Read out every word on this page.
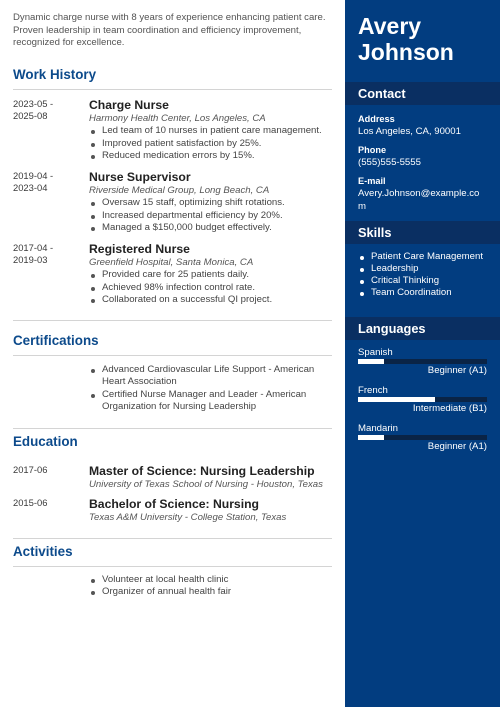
Dynamic charge nurse with 8 years of experience enhancing patient care. Proven leadership in team coordination and efficiency improvement, recognized for excellence.

Work History
2023-05 -
2025-08
Charge Nurse
Harmony Health Center, Los Angeles, CA
Led team of 10 nurses in patient care management.
Improved patient satisfaction by 25%.
Reduced medication errors by 15%.
2019-04 -
2023-04
Nurse Supervisor
Riverside Medical Group, Long Beach, CA
Oversaw 15 staff, optimizing shift rotations.
Increased departmental efficiency by 20%.
Managed a $150,000 budget effectively.
2017-04 -
2019-03
Registered Nurse
Greenfield Hospital, Santa Monica, CA
Provided care for 25 patients daily.
Achieved 98% infection control rate.
Collaborated on a successful QI project.
Certifications
Advanced Cardiovascular Life Support - American Heart Association
Certified Nurse Manager and Leader - American Organization for Nursing Leadership
Education
2017-06	Master of Science: Nursing Leadership
University of Texas School of Nursing - Houston, Texas
2015-06	Bachelor of Science: Nursing
Texas A&M University - College Station, Texas
Activities
Volunteer at local health clinic
Organizer of annual health fair
Avery
Johnson
Contact
Address
Los Angeles, CA, 90001
Phone
(555)555-5555
E-mail
Avery.Johnson@example.com
Skills
Patient Care Management
Leadership
Critical Thinking
Team Coordination
Languages
Spanish
Beginner (A1)
French
Intermediate (B1)
Mandarin
Beginner (A1)
